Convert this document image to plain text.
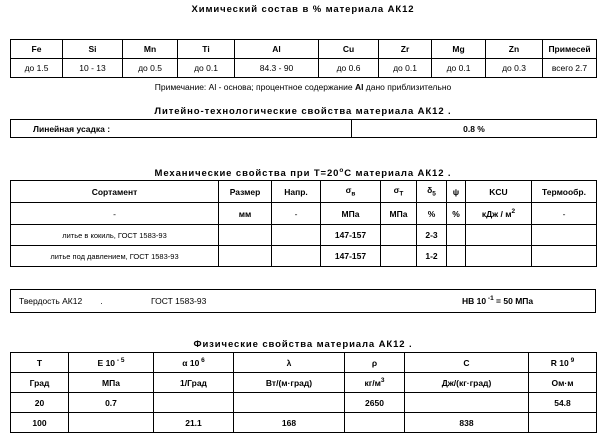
Химический состав в % материала АК12
Fe	Si	Mn	Ti	Al	Cu	Zr	Mg	Zn	Примесей
до 1.5	10 - 13	до 0.5	до 0.1	84.3 - 90	до 0.6	до 0.1	до 0.1	до 0.3	всего 2.7
Примечание: Al - основа; процентное содержание Al дано приблизительно
Литейно-технологические свойства материала АК12 .
Линейная усадка :	0.8 %
Механические свойства при $Т=20^oС$ материала АК12 .
Сортамент	Размер	Напр.	$\sigma_в$	$\sigma_T$	$\delta_5$	ψ	KCU	Термообр.
-	мм	-	МПа	МПа	%	%	кДж / $м^2$	-
литье в кокиль, ГОСТ 1583-93			147-157		2-3			
литье под давлением, ГОСТ 1583-93			147-157		1-2			
Твердость АК12 .	ГОСТ 1583-93	HB 10 $^{-1}$ = 50 МПа
Физические свойства материала АК12 .
T	E 10 $^{- 5}$	α 10 $^6$	λ	ρ	C	R 10 $^9$
Град	МПа	1/Град	Вт/(м·град)	$кг/м^3$	Дж/(кг·град)	Ом·м
20	0.7			2650		54.8
100		21.1	168		838	
